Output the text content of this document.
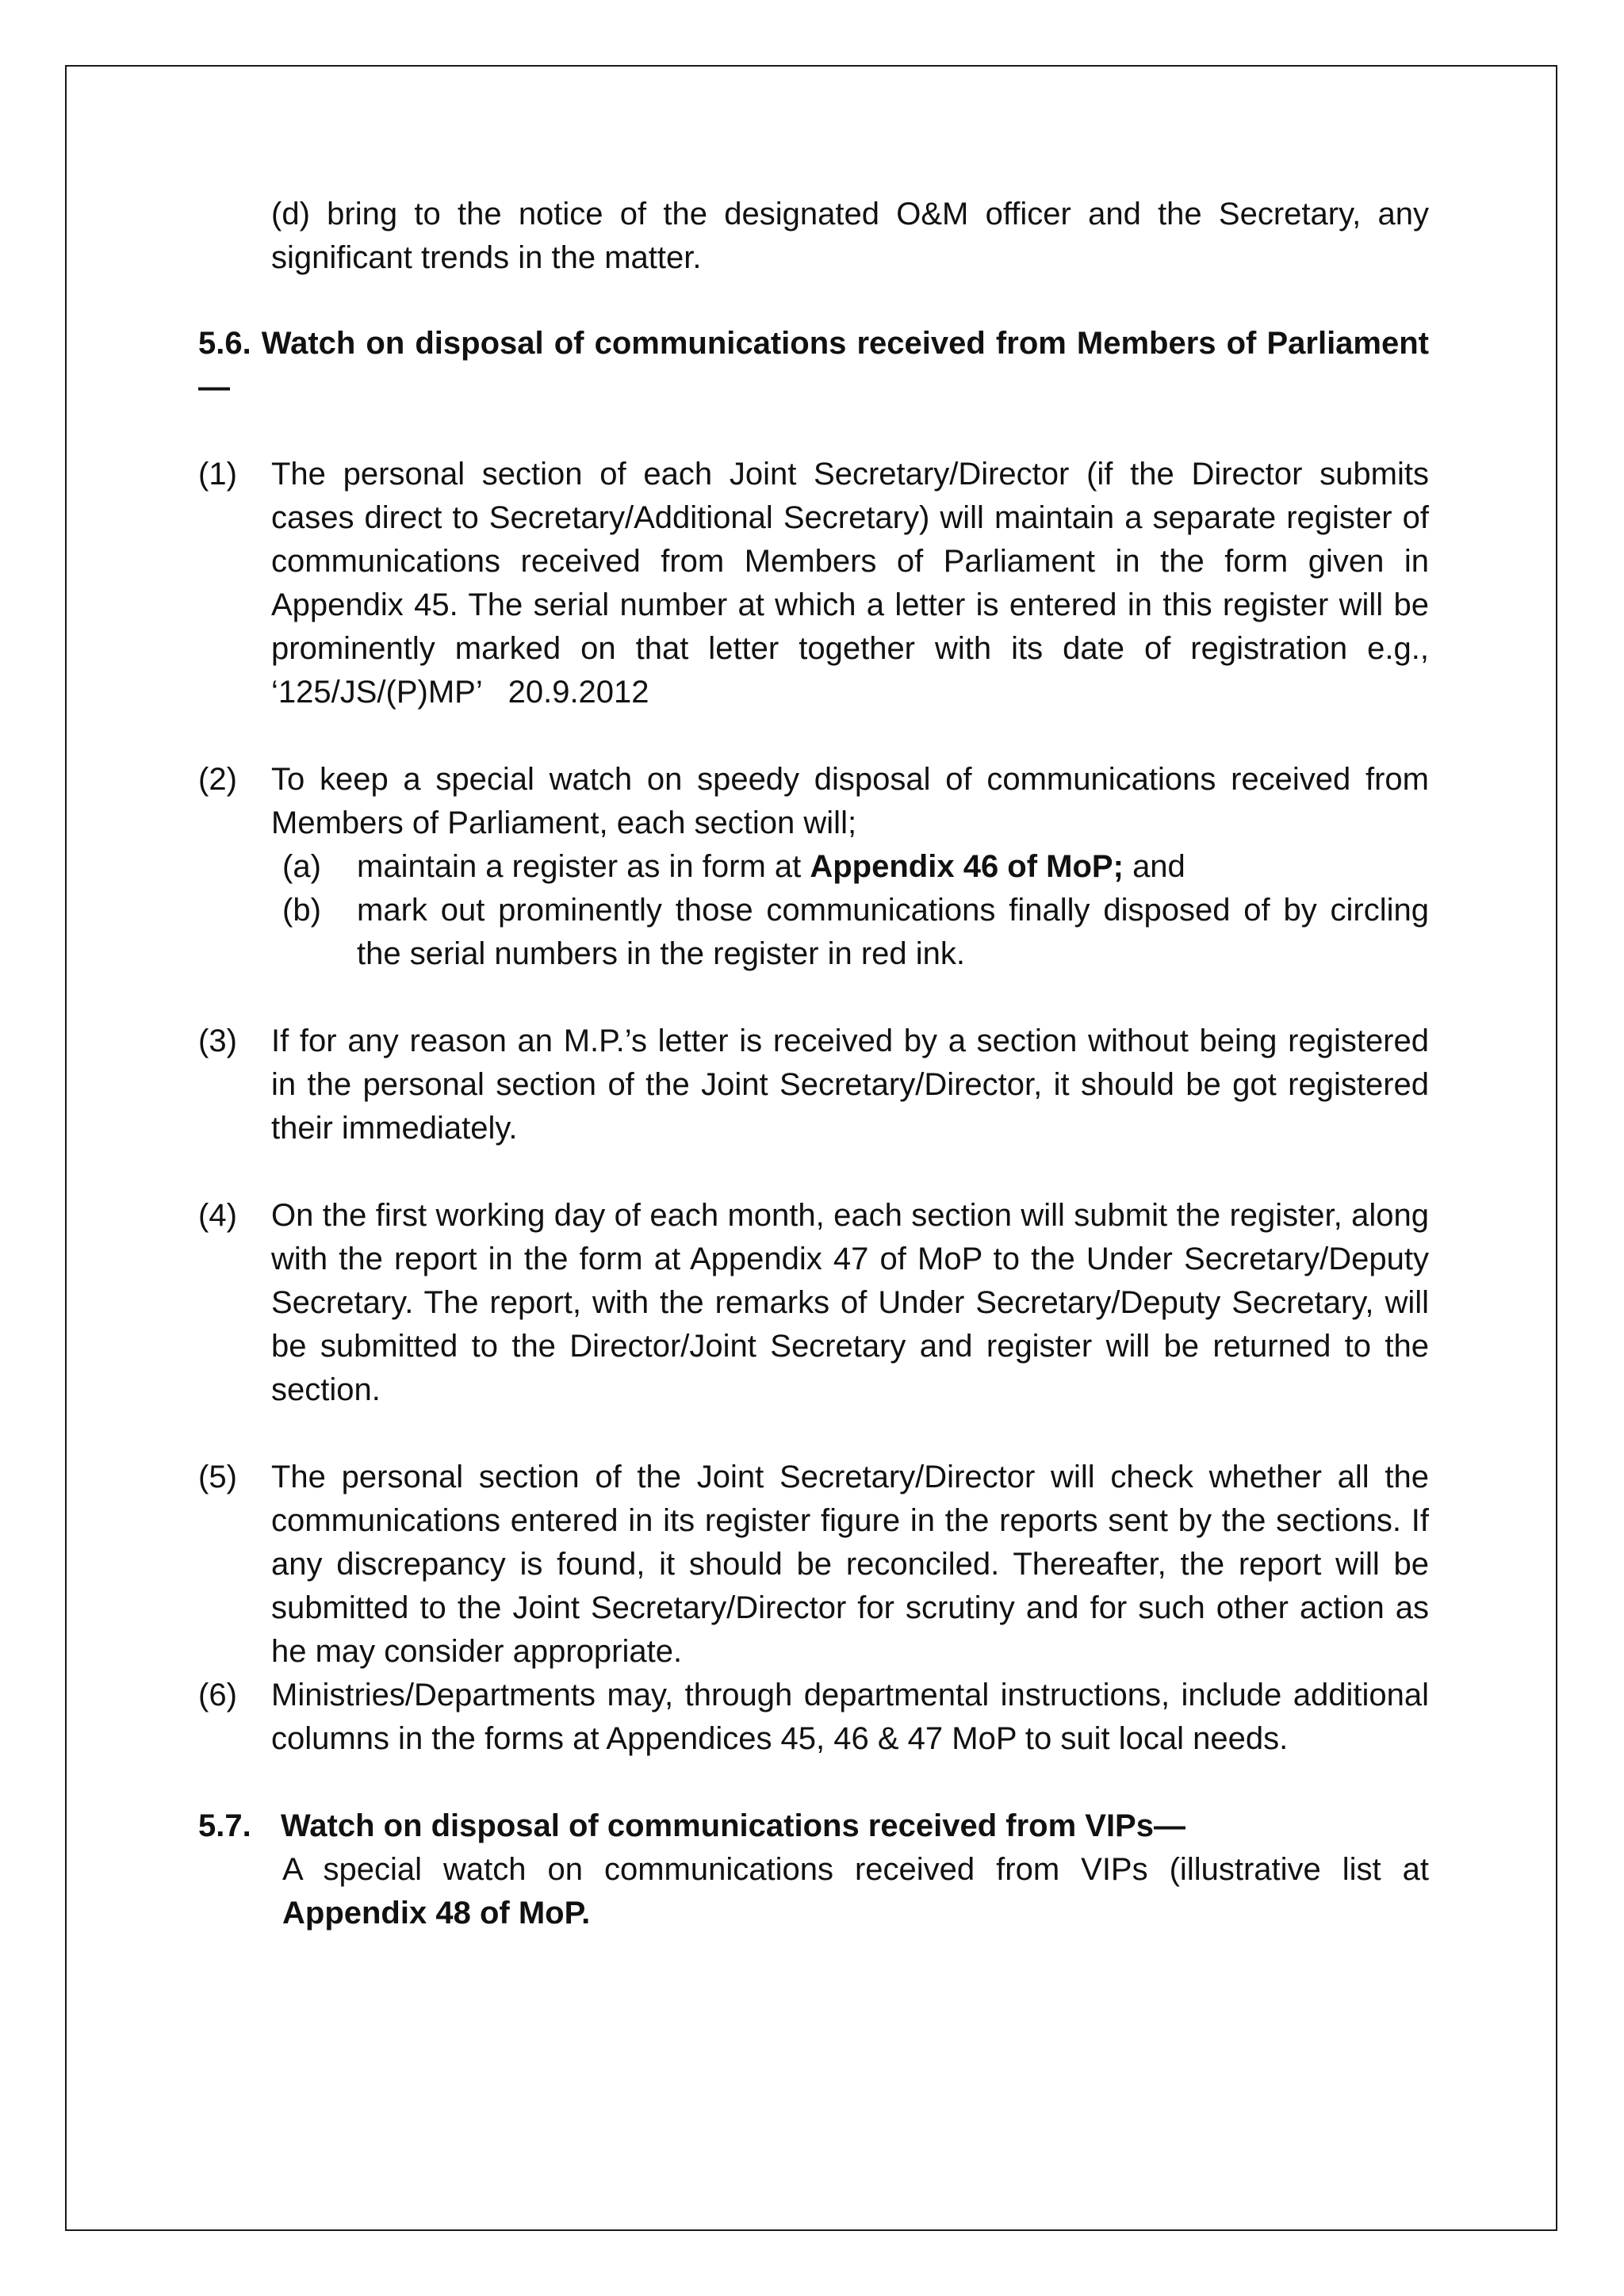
(d) bring to the notice of the designated O&M officer and the Secretary, any significant trends in the matter.

5.6. Watch on disposal of communications received from Members of Parliament—

(1) The personal section of each Joint Secretary/Director (if the Director submits cases direct to Secretary/Additional Secretary) will maintain a separate register of communications received from Members of Parliament in the form given in Appendix 45. The serial number at which a letter is entered in this register will be prominently marked on that letter together with its date of registration e.g., ‘125/JS/(P)MP’   20.9.2012
(2) To keep a special watch on speedy disposal of communications received from Members of Parliament, each section will;
(a) maintain a register as in form at Appendix 46 of MoP; and
(b) mark out prominently those communications finally disposed of by circling the serial numbers in the register in red ink.
(3) If for any reason an M.P.’s letter is received by a section without being registered in the personal section of the Joint Secretary/Director, it should be got registered their immediately.
(4) On the first working day of each month, each section will submit the register, along with the report in the form at Appendix 47 of MoP to the Under Secretary/Deputy Secretary. The report, with the remarks of Under Secretary/Deputy Secretary, will be submitted to the Director/Joint Secretary and register will be returned to the section.
(5) The personal section of the Joint Secretary/Director will check whether all the communications entered in its register figure in the reports sent by the sections. If any discrepancy is found, it should be reconciled. Thereafter, the report will be submitted to the Joint Secretary/Director for scrutiny and for such other action as he may consider appropriate.
(6) Ministries/Departments may, through departmental instructions, include additional columns in the forms at Appendices 45, 46 & 47 MoP to suit local needs.
5.7. Watch on disposal of communications received from VIPs—

A special watch on communications received from VIPs (illustrative list at Appendix 48 of MoP.
